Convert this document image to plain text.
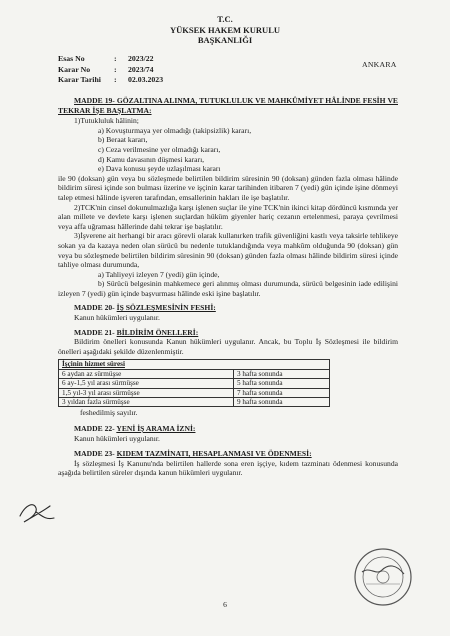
T.C.
YÜKSEK HAKEM KURULU
BAŞKANLIĞI
Esas No	:	2023/22
Karar No	:	2023/74
Karar Tarihi	:	02.03.2023
ANKARA

MADDE 19- GÖZALTINA ALINMA, TUTUKLULUK VE MAHKÛMİYET HÂLİNDE FESİH VE TEKRAR İŞE BAŞLATMA:

1)Tutukluluk hâlinin;

a) Kovuşturmaya yer olmadığı (takipsizlik) kararı,

b) Beraat kararı,

c) Ceza verilmesine yer olmadığı kararı,

d) Kamu davasının düşmesi kararı,

e) Dava konusu şeyde uzlaşılması kararı

ile 90 (doksan) gün veya bu sözleşmede belirtilen bildirim süresinin 90 (doksan) günden fazla olması hâlinde bildirim süresi içinde son bulması üzerine ve işçinin karar tarihinden itibaren 7 (yedi) gün içinde işine dönmeyi talep etmesi hâlinde işveren tarafından, emsallerinin hakları ile işe başlatılır.

2)TCK'nin cinsel dokunulmazlığa karşı işlenen suçlar ile yine TCK'nin ikinci kitap dördüncü kısmında yer alan millete ve devlete karşı işlenen suçlardan hüküm giyenler hariç cezanın ertelenmesi, paraya çevrilmesi veya affa uğraması hâllerinde dahi tekrar işe başlatılır.

3)İşverene ait herhangi bir aracı görevli olarak kullanırken trafik güvenliğini kastlı veya taksirle tehlikeye sokan ya da kazaya neden olan sürücü bu nedenle tutuklandığında veya mahkûm olduğunda 90 (doksan) gün veya bu sözleşmede belirtilen bildirim süresinin 90 (doksan) günden fazla olması hâlinde bildirim süresi içinde tahliye olması durumunda,

a) Tahliyeyi izleyen 7 (yedi) gün içinde,

b) Sürücü belgesinin mahkemece geri alınmış olması durumunda, sürücü belgesinin iade edilişini izleyen 7 (yedi) gün içinde başvurması hâlinde eski işine başlatılır.

MADDE 20- İŞ SÖZLEŞMESİNİN FESHİ:

Kanun hükümleri uygulanır.

MADDE 21- BİLDİRİM ÖNELLERİ:

Bildirim önelleri konusunda Kanun hükümleri uygulanır. Ancak, bu Toplu İş Sözleşmesi ile bildirim önelleri aşağıdaki şekilde düzenlenmiştir.

İşçinin hizmet süresi	
6 aydan az sürmüşse	3 hafta sonunda
6 ay-1,5 yıl arası sürmüşse	5 hafta sonunda
1,5 yıl-3 yıl arası sürmüşse	7 hafta sonunda
3 yıldan fazla sürmüşse	9 hafta sonunda

feshedilmiş sayılır.

MADDE 22- YENİ İŞ ARAMA İZNİ:

Kanun hükümleri uygulanır.

MADDE 23- KIDEM TAZMİNATI, HESAPLANMASI VE ÖDENMESİ:

İş sözleşmesi İş Kanunu'nda belirtilen hallerde sona eren işçiye, kıdem tazminatı ödenmesi konusunda aşağıda belirtilen süreler dışında kanun hükümleri uygulanır.

6
